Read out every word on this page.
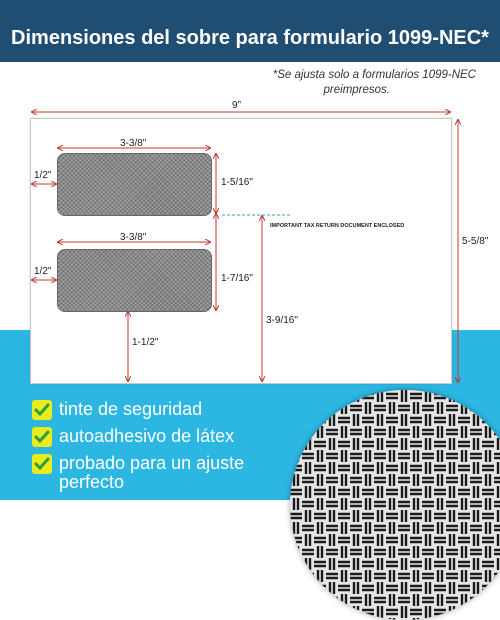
Dimensiones del sobre para formulario 1099-NEC*
*Se ajusta solo a formularios 1099-NEC
preimpresos.
IMPORTANT TAX RETURN DOCUMENT ENCLOSED
9"
5-5/8"
3-3/8"
1/2"
1-5/16"
3-3/8"
1/2"
1-7/16"
1-1/2"
3-9/16"
tinte de seguridad
autoadhesivo de látex
probado para un ajuste perfecto
